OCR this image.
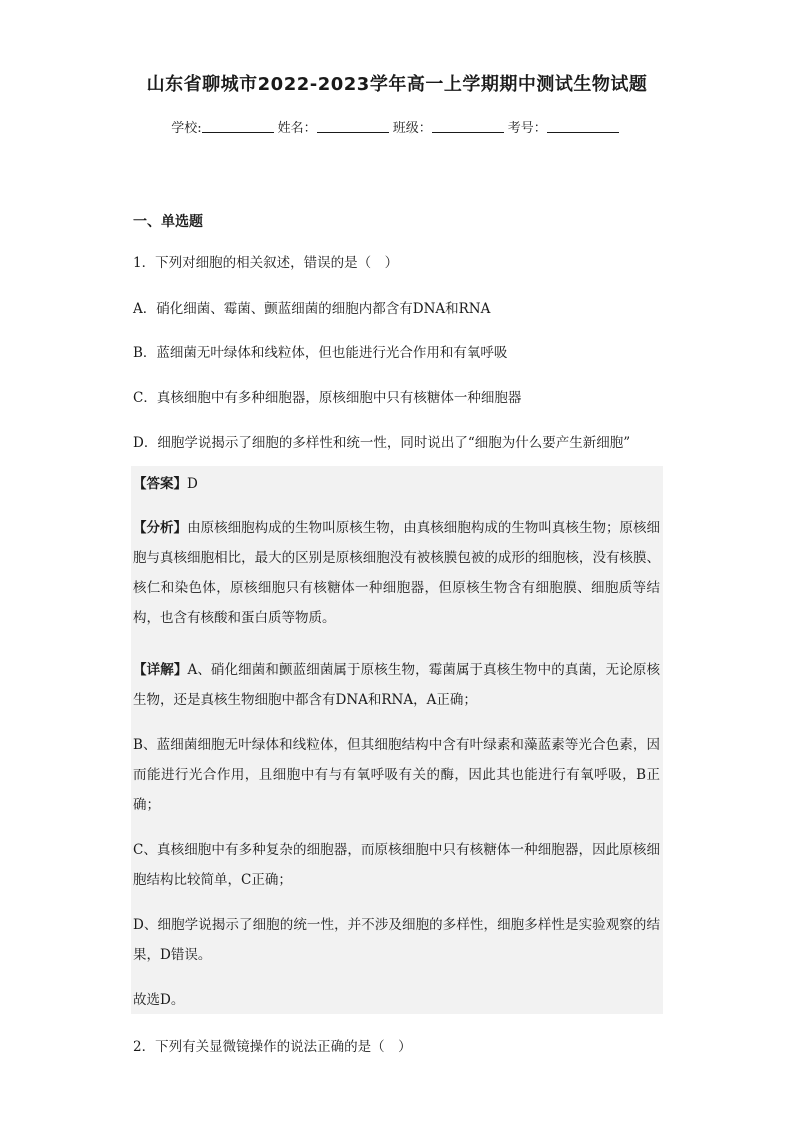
山东省聊城市2022-2023学年高一上学期期中测试生物试题
学校:	姓名：	班级：	考号：
一、单选题
1．下列对细胞的相关叙述，错误的是（　）
A．硝化细菌、霉菌、颤蓝细菌的细胞内都含有DNA和RNA
B．蓝细菌无叶绿体和线粒体，但也能进行光合作用和有氧呼吸
C．真核细胞中有多种细胞器，原核细胞中只有核糖体一种细胞器
D．细胞学说揭示了细胞的多样性和统一性，同时说出了“细胞为什么要产生新细胞”
【答案】D
【分析】由原核细胞构成的生物叫原核生物，由真核细胞构成的生物叫真核生物；原核细胞与真核细胞相比，最大的区别是原核细胞没有被核膜包被的成形的细胞核，没有核膜、核仁和染色体，原核细胞只有核糖体一种细胞器，但原核生物含有细胞膜、细胞质等结构，也含有核酸和蛋白质等物质。
【详解】A、硝化细菌和颤蓝细菌属于原核生物，霉菌属于真核生物中的真菌，无论原核生物，还是真核生物细胞中都含有DNA和RNA，A正确；
B、蓝细菌细胞无叶绿体和线粒体，但其细胞结构中含有叶绿素和藻蓝素等光合色素，因而能进行光合作用，且细胞中有与有氧呼吸有关的酶，因此其也能进行有氧呼吸，B正确；
C、真核细胞中有多种复杂的细胞器，而原核细胞中只有核糖体一种细胞器，因此原核细胞结构比较简单，C正确；
D、细胞学说揭示了细胞的统一性，并不涉及细胞的多样性，细胞多样性是实验观察的结果，D错误。
故选D。
2．下列有关显微镜操作的说法正确的是（　）
